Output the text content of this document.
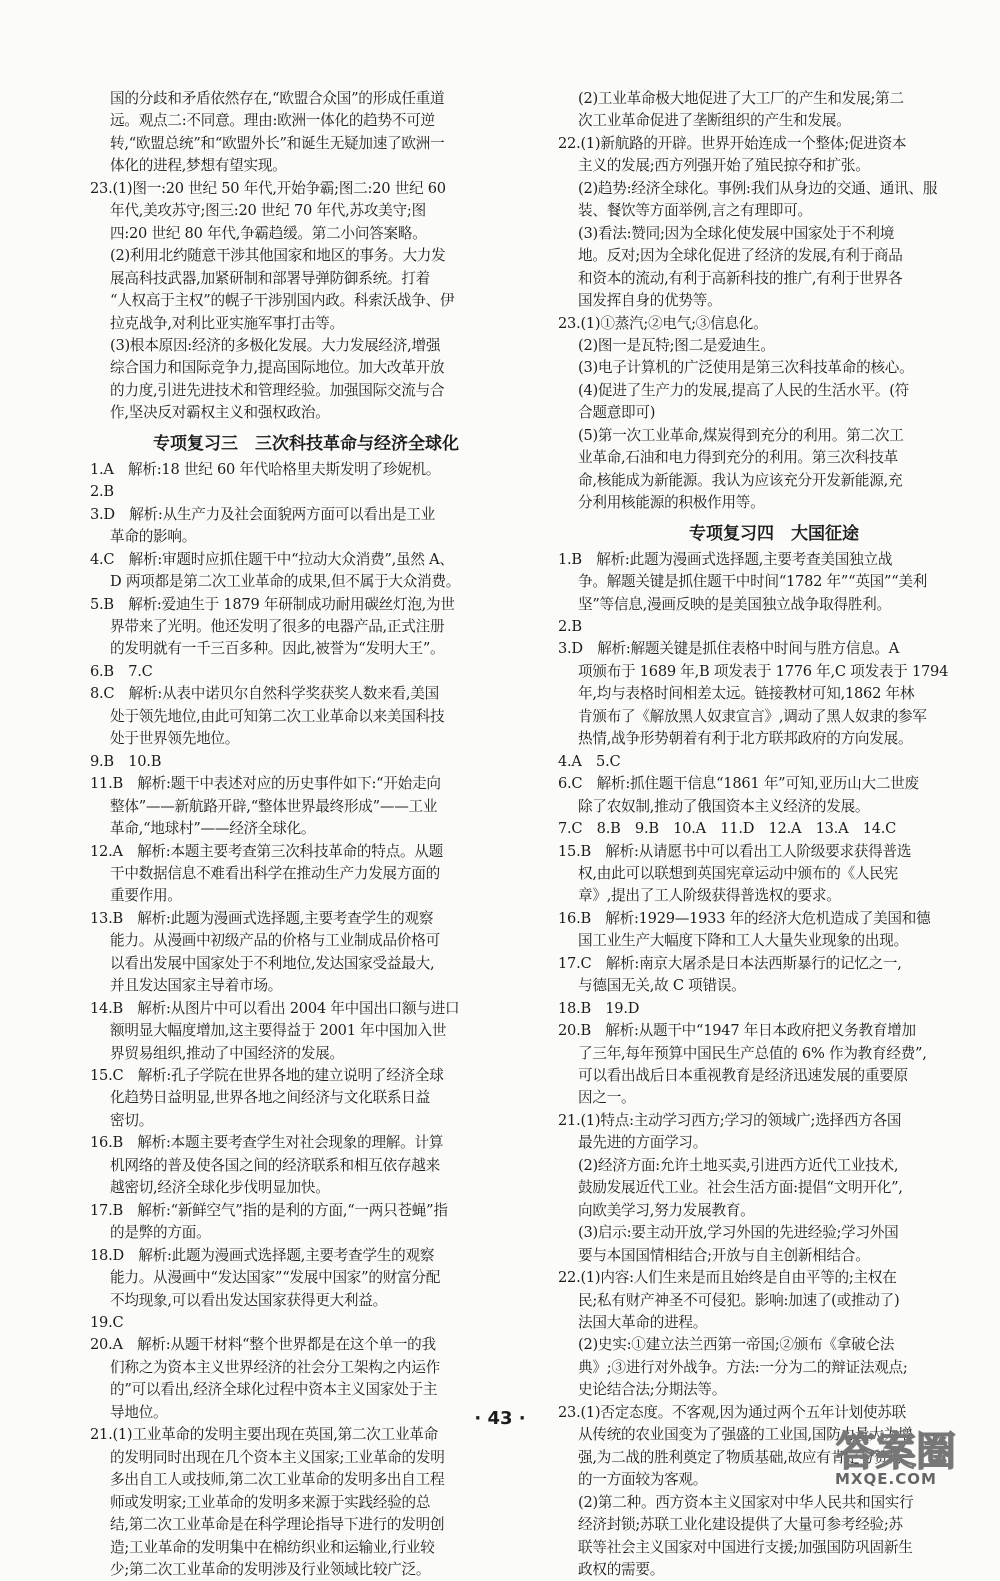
国的分歧和矛盾依然存在,“欧盟合众国”的形成任重道
远。观点二:不同意。理由:欧洲一体化的趋势不可逆
转,“欧盟总统”和“欧盟外长”和诞生无疑加速了欧洲一
体化的进程,梦想有望实现。
23.(1)图一:20 世纪 50 年代,开始争霸;图二:20 世纪 60
年代,美攻苏守;图三:20 世纪 70 年代,苏攻美守;图
四:20 世纪 80 年代,争霸趋缓。第二小问答案略。
(2)利用北约随意干涉其他国家和地区的事务。大力发
展高科技武器,加紧研制和部署导弹防御系统。打着
“人权高于主权”的幌子干涉别国内政。科索沃战争、伊
拉克战争,对利比亚实施军事打击等。
(3)根本原因:经济的多极化发展。大力发展经济,增强
综合国力和国际竞争力,提高国际地位。加大改革开放
的力度,引进先进技术和管理经验。加强国际交流与合
作,坚决反对霸权主义和强权政治。
专项复习三　三次科技革命与经济全球化
1.A　解析:18 世纪 60 年代哈格里夫斯发明了珍妮机。
2.B
3.D　解析:从生产力及社会面貌两方面可以看出是工业
革命的影响。
4.C　解析:审题时应抓住题干中“拉动大众消费”,虽然 A、
D 两项都是第二次工业革命的成果,但不属于大众消费。
5.B　解析:爱迪生于 1879 年研制成功耐用碳丝灯泡,为世
界带来了光明。他还发明了很多的电器产品,正式注册
的发明就有一千三百多种。因此,被誉为“发明大王”。
6.B　7.C
8.C　解析:从表中诺贝尔自然科学奖获奖人数来看,美国
处于领先地位,由此可知第二次工业革命以来美国科技
处于世界领先地位。
9.B　10.B
11.B　解析:题干中表述对应的历史事件如下:“开始走向
整体”——新航路开辟,“整体世界最终形成”——工业
革命,“地球村”——经济全球化。
12.A　解析:本题主要考查第三次科技革命的特点。从题
干中数据信息不难看出科学在推动生产力发展方面的
重要作用。
13.B　解析:此题为漫画式选择题,主要考查学生的观察
能力。从漫画中初级产品的价格与工业制成品价格可
以看出发展中国家处于不利地位,发达国家受益最大,
并且发达国家主导着市场。
14.B　解析:从图片中可以看出 2004 年中国出口额与进口
额明显大幅度增加,这主要得益于 2001 年中国加入世
界贸易组织,推动了中国经济的发展。
15.C　解析:孔子学院在世界各地的建立说明了经济全球
化趋势日益明显,世界各地之间经济与文化联系日益
密切。
16.B　解析:本题主要考查学生对社会现象的理解。计算
机网络的普及使各国之间的经济联系和相互依存越来
越密切,经济全球化步伐明显加快。
17.B　解析:“新鲜空气”指的是利的方面,“一两只苍蝇”指
的是弊的方面。
18.D　解析:此题为漫画式选择题,主要考查学生的观察
能力。从漫画中“发达国家”“发展中国家”的财富分配
不均现象,可以看出发达国家获得更大利益。
19.C
20.A　解析:从题干材料“整个世界都是在这个单一的我
们称之为资本主义世界经济的社会分工架构之内运作
的”可以看出,经济全球化过程中资本主义国家处于主
导地位。
21.(1)工业革命的发明主要出现在英国,第二次工业革命
的发明同时出现在几个资本主义国家;工业革命的发明
多出自工人或技师,第二次工业革命的发明多出自工程
师或发明家;工业革命的发明多来源于实践经验的总
结,第二次工业革命是在科学理论指导下进行的发明创
造;工业革命的发明集中在棉纺织业和运输业,行业较
少;第二次工业革命的发明涉及行业领域比较广泛。
(2)工业革命极大地促进了大工厂的产生和发展;第二
次工业革命促进了垄断组织的产生和发展。
22.(1)新航路的开辟。世界开始连成一个整体;促进资本
主义的发展;西方列强开始了殖民掠夺和扩张。
(2)趋势:经济全球化。事例:我们从身边的交通、通讯、服
装、餐饮等方面举例,言之有理即可。
(3)看法:赞同;因为全球化使发展中国家处于不利境
地。反对;因为全球化促进了经济的发展,有利于商品
和资本的流动,有利于高新科技的推广,有利于世界各
国发挥自身的优势等。
23.(1)①蒸汽;②电气;③信息化。
(2)图一是瓦特;图二是爱迪生。
(3)电子计算机的广泛使用是第三次科技革命的核心。
(4)促进了生产力的发展,提高了人民的生活水平。(符
合题意即可)
(5)第一次工业革命,煤炭得到充分的利用。第二次工
业革命,石油和电力得到充分的利用。第三次科技革
命,核能成为新能源。我认为应该充分开发新能源,充
分利用核能源的积极作用等。
专项复习四　大国征途
1.B　解析:此题为漫画式选择题,主要考查美国独立战
争。解题关键是抓住题干中时间“1782 年”“英国”“美利
坚”等信息,漫画反映的是美国独立战争取得胜利。
2.B
3.D　解析:解题关键是抓住表格中时间与胜方信息。A
项颁布于 1689 年,B 项发表于 1776 年,C 项发表于 1794
年,均与表格时间相差太远。链接教材可知,1862 年林
肯颁布了《解放黑人奴隶宣言》,调动了黑人奴隶的参军
热情,战争形势朝着有利于北方联邦政府的方向发展。
4.A　5.C
6.C　解析:抓住题干信息“1861 年”可知,亚历山大二世废
除了农奴制,推动了俄国资本主义经济的发展。
7.C　8.B　9.B　10.A　11.D　12.A　13.A　14.C
15.B　解析:从请愿书中可以看出工人阶级要求获得普选
权,由此可以联想到英国宪章运动中颁布的《人民宪
章》,提出了工人阶级获得普选权的要求。
16.B　解析:1929—1933 年的经济大危机造成了美国和德
国工业生产大幅度下降和工人大量失业现象的出现。
17.C　解析:南京大屠杀是日本法西斯暴行的记忆之一,
与德国无关,故 C 项错误。
18.B　19.D
20.B　解析:从题干中“1947 年日本政府把义务教育增加
了三年,每年预算中国民生产总值的 6% 作为教育经费”,
可以看出战后日本重视教育是经济迅速发展的重要原
因之一。
21.(1)特点:主动学习西方;学习的领域广;选择西方各国
最先进的方面学习。
(2)经济方面:允许土地买卖,引进西方近代工业技术,
鼓励发展近代工业。社会生活方面:提倡“文明开化”,
向欧美学习,努力发展教育。
(3)启示:要主动开放,学习外国的先进经验;学习外国
要与本国国情相结合;开放与自主创新相结合。
22.(1)内容:人们生来是而且始终是自由平等的;主权在
民;私有财产神圣不可侵犯。影响:加速了(或推动了)
法国大革命的进程。
(2)史实:①建立法兰西第一帝国;②颁布《拿破仑法
典》;③进行对外战争。方法:一分为二的辩证法观点;
史论结合法;分期法等。
23.(1)否定态度。不客观,因为通过两个五年计划使苏联
从传统的农业国变为了强盛的工业国,国防力量大为增
强,为二战的胜利奠定了物质基础,故应有肯定与赞扬
的一方面较为客观。
(2)第二种。西方资本主义国家对中华人民共和国实行
经济封锁;苏联工业化建设提供了大量可参考经验;苏
联等社会主义国家对中国进行支援;加强国防巩固新生
政权的需要。
· 43 ·
答案圈
MXQE.COM
